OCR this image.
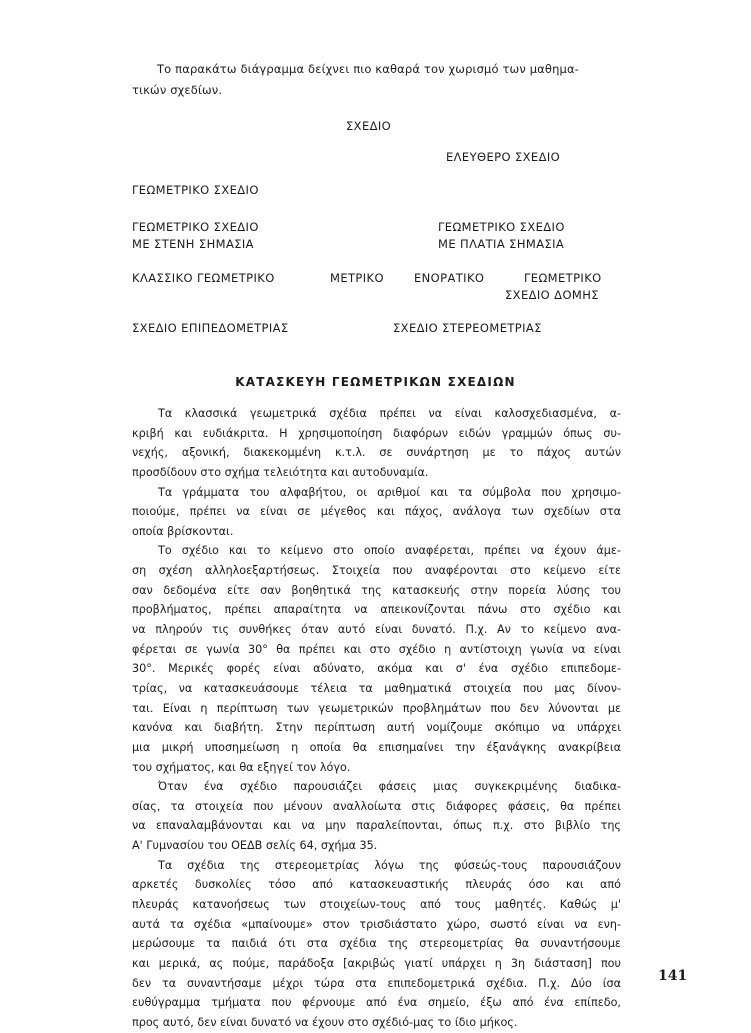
Το παρακάτω διάγραμμα δείχνει πιο καθαρά τον χωρισμό των μαθημα-
τικών σχεδίων.
ΣΧΕΔΙΟ
ΕΛΕΥΘΕΡΟ ΣΧΕΔΙΟ
ΓΕΩΜΕΤΡΙΚΟ ΣΧΕΔΙΟ
ΓΕΩΜΕΤΡΙΚΟ ΣΧΕΔΙΟ
ΜΕ ΣΤΕΝΗ ΣΗΜΑΣΙΑ
ΓΕΩΜΕΤΡΙΚΟ ΣΧΕΔΙΟ
ΜΕ ΠΛΑΤΙΑ ΣΗΜΑΣΙΑ
ΚΛΑΣΣΙΚΟ ΓΕΩΜΕΤΡΙΚΟ	ΜΕΤΡΙΚΟ	ΕΝΟΡΑΤΙΚΟ	ΓΕΩΜΕΤΡΙΚΟ
ΣΧΕΔΙΟ ΔΟΜΗΣ
ΣΧΕΔΙΟ ΕΠΙΠΕΔΟΜΕΤΡΙΑΣ	ΣΧΕΔΙΟ ΣΤΕΡΕΟΜΕΤΡΙΑΣ
ΚΑΤΑΣΚΕΥΗ ΓΕΩΜΕΤΡΙΚΩΝ ΣΧΕΔΙΩΝ
Τα κλασσικά γεωμετρικά σχέδια πρέπει να είναι καλοσχεδιασμένα, α-
κριβή και ευδιάκριτα. Η χρησιμοποίηση διαφόρων ειδών γραμμών όπως συ-
νεχής, αξονική, διακεκομμένη κ.τ.λ. σε συνάρτηση με το πάχος αυτών
προσδίδουν στο σχήμα τελειότητα και αυτοδυναμία.
Τα γράμματα του αλφαβήτου, οι αριθμοί και τα σύμβολα που χρησιμο-
ποιούμε, πρέπει να είναι σε μέγεθος και πάχος, ανάλογα των σχεδίων στα
οποία βρίσκονται.
Το σχέδιο και το κείμενο στο οποίο αναφέρεται, πρέπει να έχουν άμε-
ση σχέση αλληλοεξαρτήσεως. Στοιχεία που αναφέρονται στο κείμενο είτε
σαν δεδομένα είτε σαν βοηθητικά της κατασκευής στην πορεία λύσης του
προβλήματος, πρέπει απαραίτητα να απεικονίζονται πάνω στο σχέδιο και
να πληρούν τις συνθήκες όταν αυτό είναι δυνατό. Π.χ. Αν το κείμενο ανα-
φέρεται σε γωνία 30° θα πρέπει και στο σχέδιο η αντίστοιχη γωνία να είναι
30°. Μερικές φορές είναι αδύνατο, ακόμα και σ' ένα σχέδιο επιπεδομε-
τρίας, να κατασκευάσουμε τέλεια τα μαθηματικά στοιχεία που μας δίνον-
ται. Είναι η περίπτωση των γεωμετρικών προβλημάτων που δεν λύνονται με
κανόνα και διαβήτη. Στην περίπτωση αυτή νομίζουμε σκόπιμο να υπάρχει
μια μικρή υποσημείωση η οποία θα επισημαίνει την έξανάγκης ανακρίβεια
του σχήματος, και θα εξηγεί τον λόγο.
Όταν ένα σχέδιο παρουσιάζει φάσεις μιας συγκεκριμένης διαδικα-
σίας, τα στοιχεία που μένουν αναλλοίωτα στις διάφορες φάσεις, θα πρέπει
να επαναλαμβάνονται και να μην παραλείπονται, όπως π.χ. στο βιβλίο της
Α' Γυμνασίου του ΟΕΔΒ σελίς 64, σχήμα 35.
Τα σχέδια της στερεομετρίας λόγω της φύσεώς-τους παρουσιάζουν
αρκετές δυσκολίες τόσο από κατασκευαστικής πλευράς όσο και από
πλευράς κατανοήσεως των στοιχείων-τους από τους μαθητές. Καθώς μ'
αυτά τα σχέδια «μπαίνουμε» στον τρισδιάστατο χώρο, σωστό είναι να ενη-
μερώσουμε τα παιδιά ότι στα σχέδια της στερεομετρίας θα συναντήσουμε
και μερικά, ας πούμε, παράδοξα [ακριβώς γιατί υπάρχει η 3η διάσταση] που
δεν τα συναντήσαμε μέχρι τώρα στα επιπεδομετρικά σχέδια. Π.χ. Δύο ίσα
ευθύγραμμα τμήματα που φέρνουμε από ένα σημείο, έξω από ένα επίπεδο,
προς αυτό, δεν είναι δυνατό να έχουν στο σχέδιό-μας το ίδιο μήκος.
141
